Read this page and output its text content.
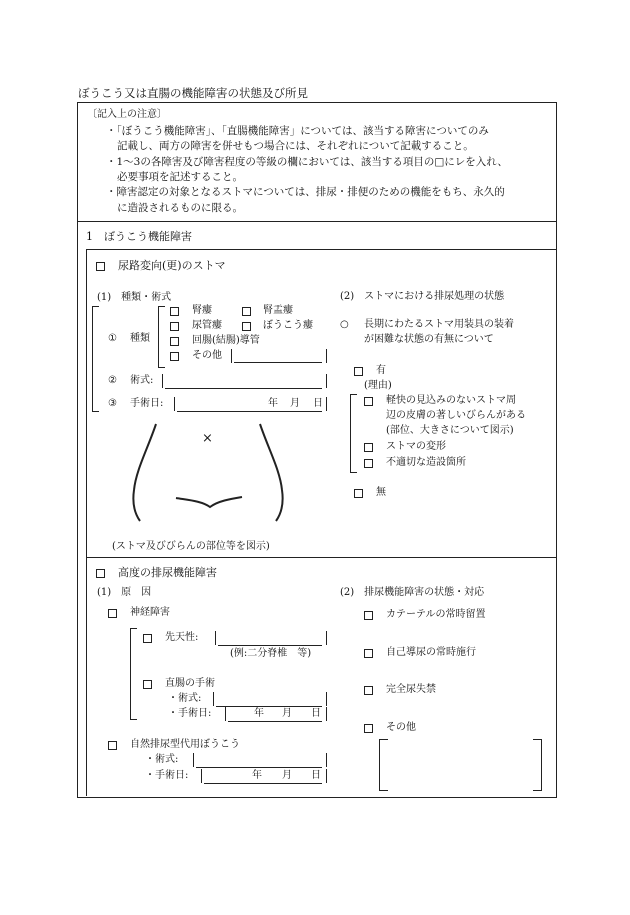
ぼうこう又は直腸の機能障害の状態及び所見
〔記入上の注意〕
・「ぼうこう機能障害」、「直腸機能障害」については、該当する障害についてのみ
記載し、両方の障害を併せもつ場合には、それぞれについて記載すること。
・1〜3の各障害及び障害程度の等級の欄においては、該当する項目の□にレを入れ、
必要事項を記述すること。
・障害認定の対象となるストマについては、排尿・排便のための機能をもち、永久的
に造設されるものに限る。
1　ぼうこう機能障害
尿路変向(更)のストマ
(1)　種類・術式
① 種類
腎瘻	腎盂瘻
尿管瘻	ぼうこう瘻
回腸(結腸)導管
その他
② 術式:
③ 手術日:	年 月 日
×
(ストマ及びびらんの部位等を図示)
(2)　ストマにおける排尿処理の状態
○ 長期にわたるストマ用装具の装着
が困難な状態の有無について
有
(理由)
軽快の見込みのないストマ周
辺の皮膚の著しいびらんがある
(部位、大きさについて図示)
ストマの変形
不適切な造設箇所
無
高度の排尿機能障害
(1)　原　因
神経障害
先天性:
(例:二分脊椎　等)
直腸の手術
・術式:
・手術日:	年 月 日
自然排尿型代用ぼうこう
・術式:
・手術日:	年 月 日
(2)　排尿機能障害の状態・対応
カテーテルの常時留置
自己導尿の常時施行
完全尿失禁
その他
